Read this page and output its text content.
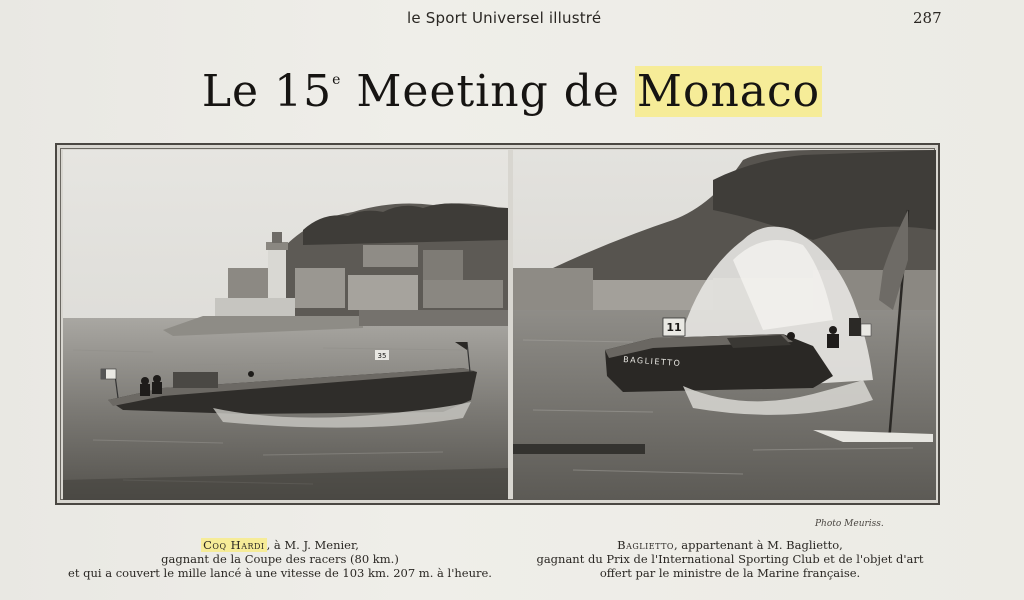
le Sport Universel illustré	287
Le 15e Meeting de Monaco
35	BAGLIETTO
11
Photo Meuriss.
Coq Hardi , à M. J. Menier,
gagnant de la Coupe des racers (80 km.)
et qui a couvert le mille lancé à une vitesse de 103 km. 207 m. à l'heure.
Baglietto, appartenant à M. Baglietto,
gagnant du Prix de l'International Sporting Club et de l'objet d'art
offert par le ministre de la Marine française.
